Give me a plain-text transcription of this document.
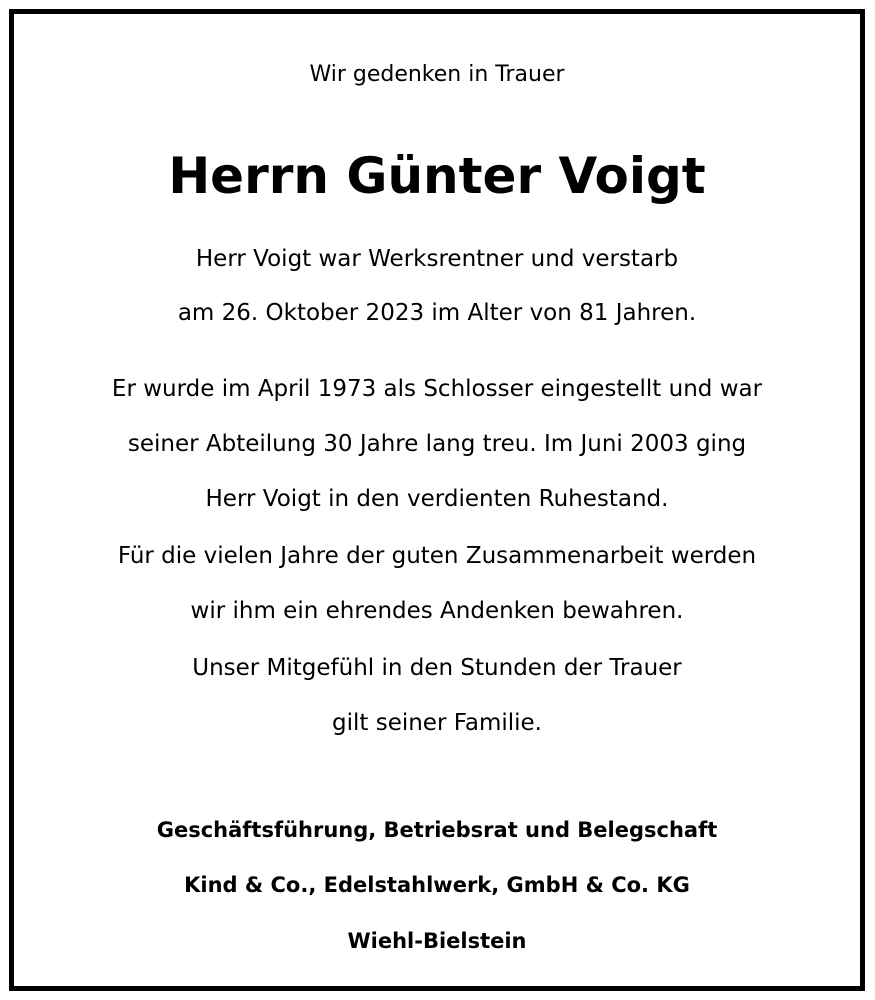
Wir gedenken in Trauer
Herrn Günter Voigt
Herr Voigt war Werksrentner und verstarb
am 26. Oktober 2023 im Alter von 81 Jahren.
Er wurde im April 1973 als Schlosser eingestellt und war
seiner Abteilung 30 Jahre lang treu. Im Juni 2003 ging
Herr Voigt in den verdienten Ruhestand.
Für die vielen Jahre der guten Zusammenarbeit werden
wir ihm ein ehrendes Andenken bewahren.
Unser Mitgefühl in den Stunden der Trauer
gilt seiner Familie.
Geschäftsführung, Betriebsrat und Belegschaft
Kind & Co., Edelstahlwerk, GmbH & Co. KG
Wiehl-Bielstein
